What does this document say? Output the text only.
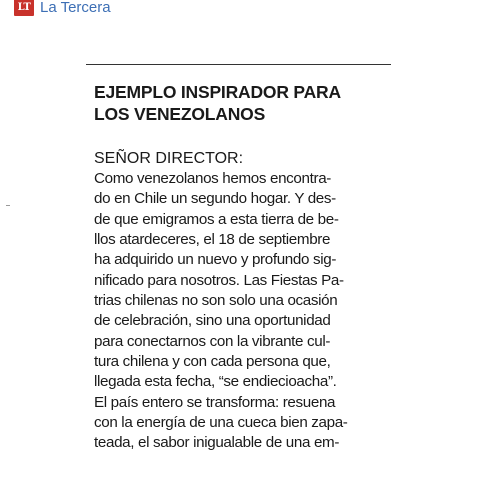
LT La Tercera
EJEMPLO INSPIRADOR PARA
LOS VENEZOLANOS
SEÑOR DIRECTOR:
Como venezolanos hemos encontra-
do en Chile un segundo hogar. Y des-
de que emigramos a esta tierra de be-
llos atardeceres, el 18 de septiembre
ha adquirido un nuevo y profundo sig-
nificado para nosotros. Las Fiestas Pa-
trias chilenas no son solo una ocasión
de celebración, sino una oportunidad
para conectarnos con la vibrante cul-
tura chilena y con cada persona que,
llegada esta fecha, “se endiecioacha”.
El país entero se transforma: resuena
con la energía de una cueca bien zapa-
teada, el sabor inigualable de una em-
